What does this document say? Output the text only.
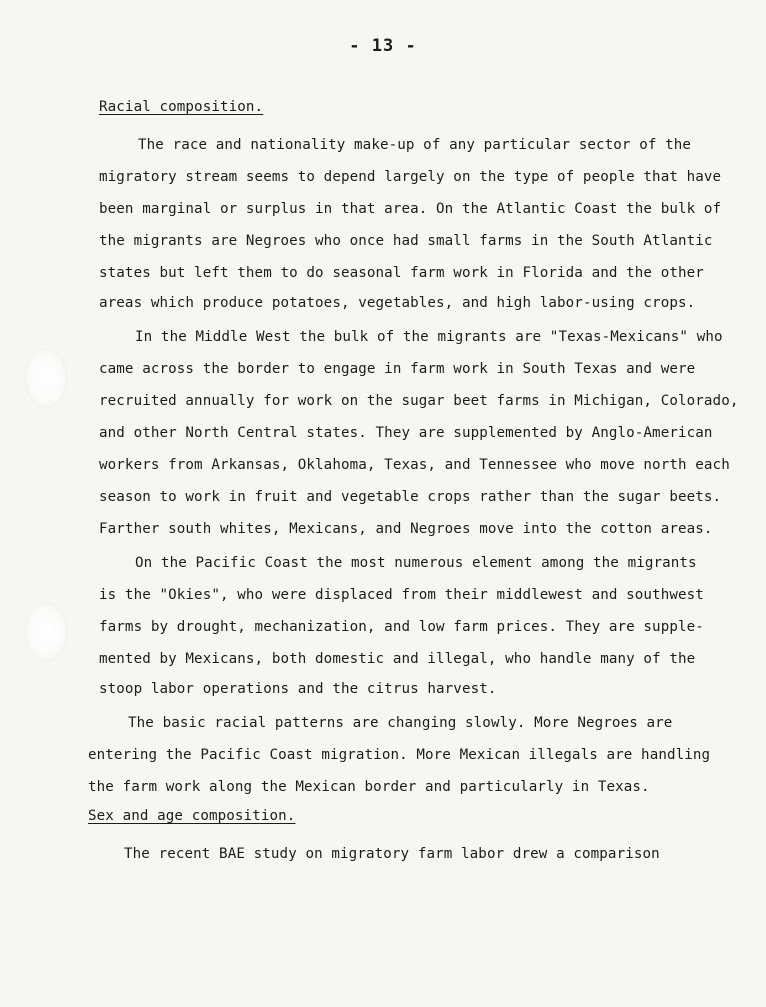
- 13 -
Racial composition.
The race and nationality make-up of any particular sector of the
migratory stream seems to depend largely on the type of people that have
been marginal or surplus in that area. On the Atlantic Coast the bulk of
the migrants are Negroes who once had small farms in the South Atlantic
states but left them to do seasonal farm work in Florida and the other
areas which produce potatoes, vegetables, and high labor-using crops.
In the Middle West the bulk of the migrants are "Texas-Mexicans" who
came across the border to engage in farm work in South Texas and were
recruited annually for work on the sugar beet farms in Michigan, Colorado,
and other North Central states. They are supplemented by Anglo-American
workers from Arkansas, Oklahoma, Texas, and Tennessee who move north each
season to work in fruit and vegetable crops rather than the sugar beets.
Farther south whites, Mexicans, and Negroes move into the cotton areas.
On the Pacific Coast the most numerous element among the migrants
is the "Okies", who were displaced from their middlewest and southwest
farms by drought, mechanization, and low farm prices. They are supple-
mented by Mexicans, both domestic and illegal, who handle many of the
stoop labor operations and the citrus harvest.
The basic racial patterns are changing slowly. More Negroes are
entering the Pacific Coast migration. More Mexican illegals are handling
the farm work along the Mexican border and particularly in Texas.
Sex and age composition.
The recent BAE study on migratory farm labor drew a comparison
